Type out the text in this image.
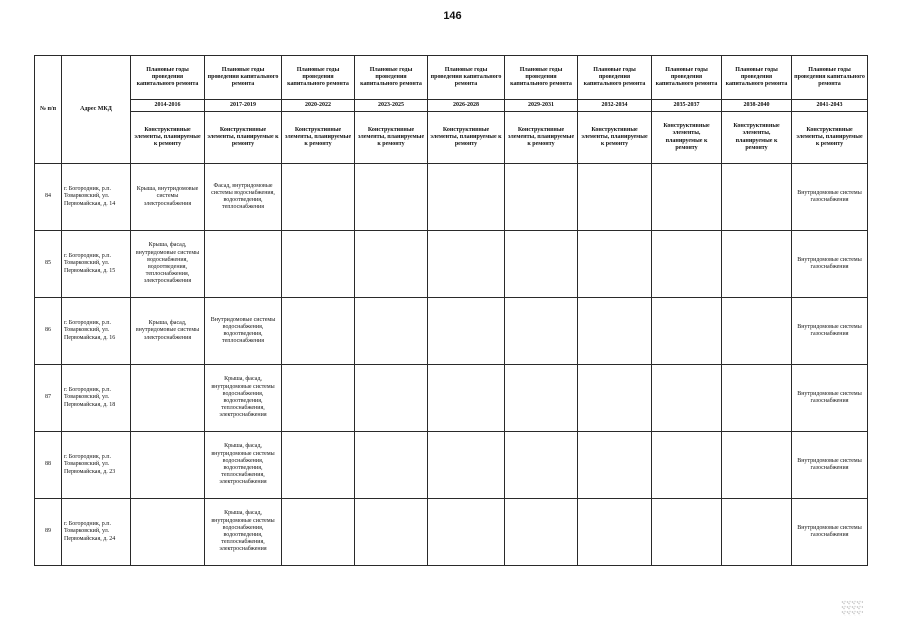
146
№ п/п	Адрес МКД	Плановые годы проведения капитального ремонта	Плановые годы проведения капитального ремонта	Плановые годы проведения капитального ремонта	Плановые годы проведения капитального ремонта	Плановые годы проведения капитального ремонта	Плановые годы проведения капитального ремонта	Плановые годы проведения капитального ремонта	Плановые годы проведения капитального ремонта	Плановые годы проведения капитального ремонта	Плановые годы проведения капитального ремонта
		2014-2016	2017-2019	2020-2022	2023-2025	2026-2028	2029-2031	2032-2034	2035-2037	2038-2040	2041-2043
		Конструктивные элементы, планируемые к ремонту	Конструктивные элементы, планируемые к ремонту	Конструктивные элементы, планируемые к ремонту	Конструктивные элементы, планируемые к ремонту	Конструктивные элементы, планируемые к ремонту	Конструктивные элементы, планируемые к ремонту	Конструктивные элементы, планируемые к ремонту	Конструктивные элементы, планируемые к ремонту	Конструктивные элементы, планируемые к ремонту	Конструктивные элементы, планируемые к ремонту
84	г. Богородник, р.п. Товарковский, ул. Первомайская, д. 14	Крыша, внутридомовые системы электроснабжения	Фасад, внутридомовые системы водоснабжения, водоотведения, теплоснабжения								Внутридомовые системы газоснабжения
85	г. Богородник, р.п. Товарковский, ул. Первомайская, д. 15	Крыша, фасад, внутридомовые системы водоснабжения, водоотведения, теплоснабжения, электроснабжения									Внутридомовые системы газоснабжения
86	г. Богородник, р.п. Товарковский, ул. Первомайская, д. 16	Крыша, фасад, внутридомовые системы электроснабжения	Внутридомовые системы водоснабжения, водоотведения, теплоснабжения								Внутридомовые системы газоснабжения
87	г. Богородник, р.п. Товарковский, ул. Первомайская, д. 18		Крыша, фасад, внутридомовые системы водоснабжения, водоотведения, теплоснабжения, электроснабжения								Внутридомовые системы газоснабжения
88	г. Богородник, р.п. Товарковский, ул. Первомайская, д. 23		Крыша, фасад, внутридомовые системы водоснабжения, водоотведения, теплоснабжения, электроснабжения								Внутридомовые системы газоснабжения
89	г. Богородник, р.п. Товарковский, ул. Первомайская, д. 24		Крыша, фасад, внутридомовые системы водоснабжения, водоотведения, теплоснабжения, электроснабжения								Внутридомовые системы газоснабжения
